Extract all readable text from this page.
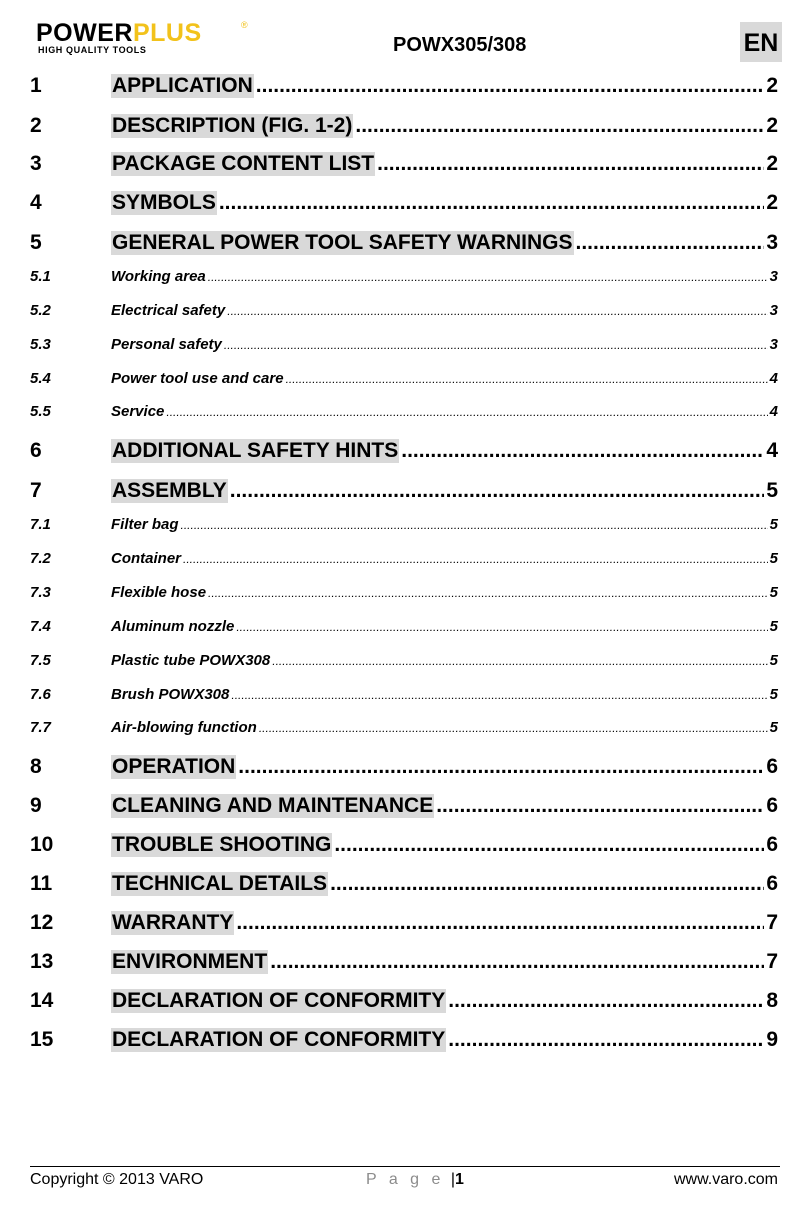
POWERPLUS	®
HIGH QUALITY TOOLS	POWX305/308	EN
1	APPLICATION .....	2
2	DESCRIPTION (FIG. 1-2) .....	2
3	PACKAGE CONTENT LIST .....	2
4	SYMBOLS .....	2
5	GENERAL POWER TOOL SAFETY WARNINGS .....	3
5.1	Working area .....	3
5.2	Electrical safety .....	3
5.3	Personal safety .....	3
5.4	Power tool use and care .....	4
5.5	Service .....	4
6	ADDITIONAL SAFETY HINTS .....	4
7	ASSEMBLY .....	5
7.1	Filter bag .....	5
7.2	Container .....	5
7.3	Flexible hose .....	5
7.4	Aluminum nozzle .....	5
7.5	Plastic tube POWX308 .....	5
7.6	Brush POWX308 .....	5
7.7	Air-blowing function .....	5
8	OPERATION .....	6
9	CLEANING AND MAINTENANCE .....	6
10	TROUBLE SHOOTING .....	6
11	TECHNICAL DETAILS .....	6
12	WARRANTY .....	7
13	ENVIRONMENT .....	7
14	DECLARATION OF CONFORMITY .....	8
15	DECLARATION OF CONFORMITY .....	9
Copyright © 2013 VARO	P a g e |1	www.varo.com
